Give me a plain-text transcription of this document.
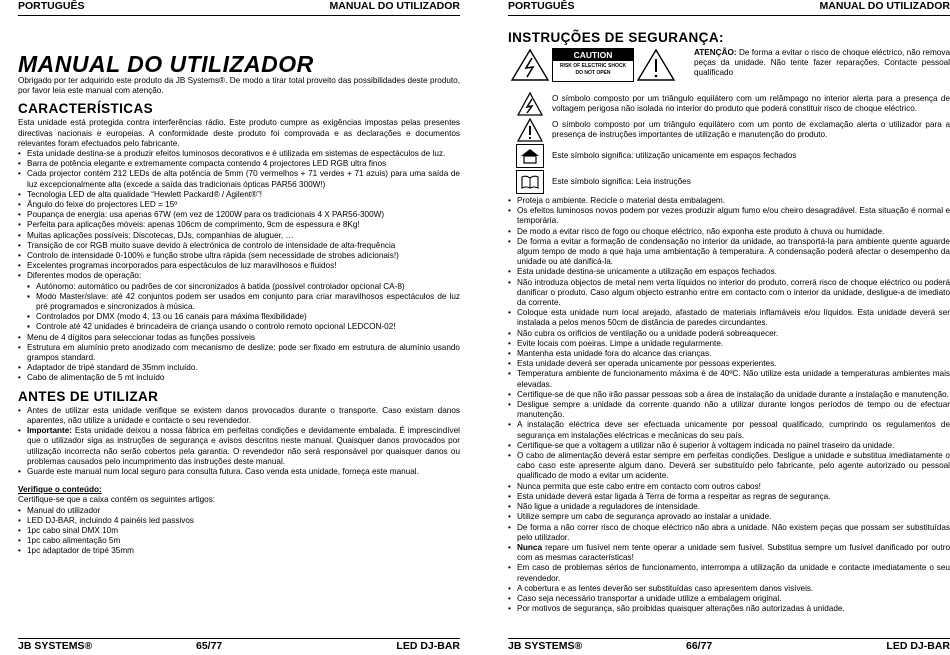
PORTUGUÊS	MANUAL DO UTILIZADOR
MANUAL DO UTILIZADOR

Obrigado por ter adquirido este produto da JB Systems®. De modo a tirar total proveito das possibilidades deste produto, por favor leia este manual com atenção.

CARACTERÍSTICAS

Esta unidade está protegida contra interferências rádio. Este produto cumpre as exigências impostas pelas presentes directivas nacionais e europeias. A conformidade deste produto foi comprovada e as declarações e documentos relevantes foram efectuados pelo fabricante.

• Esta unidade destina-se a produzir efeitos luminosos decorativos e é utilizada em sistemas de espectáculos de luz.
• Barra de potência elegante e extremamente compacta contendo 4 projectores LED RGB ultra finos
• Cada projector contém 212 LEDs de alta potência de 5mm (70 vermelhos + 71 verdes + 71 azuis) para uma saída de luz excepcionalmente alta (excede a saída das tradicionais ópticas PAR56 300W!)
• Tecnologia LED de alta qualidade “Hewlett Packard® / Agilent®”!
• Ângulo do feixe do projectores LED = 15º
• Poupança de energia: usa apenas 67W (em vez de 1200W para os tradicionais 4 X PAR56-300W)
• Perfeita para aplicações móveis: apenas 106cm de comprimento, 9cm de espessura e 8Kg!
• Muitas aplicações possíveis: Discotecas, DJs, companhias de aluguer, …
• Transição de cor RGB muito suave devido à electrónica de controlo de intensidade de alta-frequência
• Controlo de intensidade 0-100% e função strobe ultra rápida (sem necessidade de strobes adicionais!)
• Excelentes programas incorporados para espectáculos de luz maravilhosos e fluidos!
• Diferentes modos de operação:
▪ Autónomo: automático ou padrões de cor sincronizados à batida (possível controlador opcional CA-8)
▪ Modo Master/slave: até 42 conjuntos podem ser usados em conjunto para criar maravilhosos espectáculos de luz pré programados e sincronizados à música.
▪ Controlados por DMX (modo 4, 13 ou 16 canais para máxima flexibilidade)
▪ Controle até 42 unidades é brincadeira de criança usando o controlo remoto opcional LEDCON-02!
• Menu de 4 dígitos para seleccionar todas as funções possíveis
• Estrutura em alumínio preto anodizado com mecanismo de deslize: pode ser fixado em estrutura de alumínio usando grampos standard.
• Adaptador de tripé standard de 35mm incluído.
• Cabo de alimentação de 5 mt incluído
ANTES DE UTILIZAR
• Antes de utilizar esta unidade verifique se existem danos provocados durante o transporte. Caso existam danos aparentes, não utilize a unidade e contacte o seu revendedor.
• Importante: Esta unidade deixou a nossa fábrica em perfeitas condições e devidamente embalada. É imprescindível que o utilizador siga as instruções de segurança e avisos descritos neste manual. Quaisquer danos provocados por utilização incorrecta não serão cobertos pela garantia. O revendedor não será responsável por quaisquer danos ou problemas causados pelo incumprimento das instruções deste manual.
• Guarde este manual num local seguro para consulta futura. Caso venda esta unidade, forneça este manual.

Verifique o conteúdo:

Certifique-se que a caixa contém os seguintes artigos:

• Manual do utilizador
• LED DJ-BAR, incluindo 4 painéis led passivos
• 1pc cabo sinal DMX 10m
• 1pc cabo alimentação 5m
• 1pc adaptador de tripé 35mm
JB SYSTEMS®	65/77	LED DJ-BAR
PORTUGUÊS	MANUAL DO UTILIZADOR
INSTRUÇÕES DE SEGURANÇA:
CAUTION
RISK OF ELECTRIC SHOCK
DO NOT OPEN
ATENÇÃO: De forma a evitar o risco de choque eléctrico, não remova peças da unidade. Não tente fazer reparações. Contacte pessoal qualificado
O símbolo composto por um triângulo equilátero com um relâmpago no interior alerta para a presença de voltagem perigosa não isolada no interior do produto que poderá constituir risco de choque eléctrico.
O símbolo composto por um triângulo equilátero com um ponto de exclamação alerta o utilizador para a presença de instruções importantes de utilização e manutenção do produto.
Este símbolo significa: utilização unicamente em espaços fechados
Este símbolo significa: Leia instruções
• Proteja o ambiente. Recicle o material desta embalagem.
• Os efeitos luminosos novos podem por vezes produzir algum fumo e/ou cheiro desagradável. Esta situação é normal e temporária.
• De modo a evitar risco de fogo ou choque eléctrico, não exponha este produto à chuva ou humidade.
• De forma a evitar a formação de condensação no interior da unidade, ao transportá-la para ambiente quente aguarde algum tempo de modo a que haja uma ambientação à temperatura. A condensação poderá afectar o desempenho da unidade ou até danificá-la.
• Esta unidade destina-se unicamente a utilização em espaços fechados.
• Não introduza objectos de metal nem verta líquidos no interior do produto, correrá risco de choque eléctrico ou poderá danificar o produto. Caso algum objecto estranho entre em contacto com o interior da unidade, desligue-a de imediato da corrente.
• Coloque esta unidade num local arejado, afastado de materiais inflamáveis e/ou líquidos. Esta unidade deverá ser instalada a pelos menos 50cm de distância de paredes circundantes.
• Não cubra os orifícios de ventilação ou a unidade poderá sobreaquecer.
• Evite locais com poeiras. Limpe a unidade regularmente.
• Mantenha esta unidade fora do alcance das crianças.
• Esta unidade deverá ser operada unicamente por pessoas experientes.
• Temperatura ambiente de funcionamento máxima é de 40ºC. Não utilize esta unidade a temperaturas ambientes mais elevadas.
• Certifique-se de que não irão passar pessoas sob a área de instalação da unidade durante a instalação e manutenção.
• Desligue sempre a unidade da corrente quando não a utilizar durante longos períodos de tempo ou de efectuar manutenção.
• A instalação eléctrica deve ser efectuada unicamente por pessoal qualificado, cumprindo os regulamentos de segurança em instalações eléctricas e mecânicas do seu país.
• Certifique-se que a voltagem a utilizar não é superior à voltagem indicada no painel traseiro da unidade.
• O cabo de alimentação deverá estar sempre em perfeitas condições. Desligue a unidade e substitua imediatamente o cabo caso este apresente algum dano. Deverá ser substituído pelo fabricante, pelo agente autorizado ou pessoal qualificado de modo a evitar um acidente.
• Nunca permita que este cabo entre em contacto com outros cabos!
• Esta unidade deverá estar ligada à Terra de forma a respeitar as regras de segurança.
• Não ligue a unidade a reguladores de intensidade.
• Utilize sempre um cabo de segurança aprovado ao instalar a unidade.
• De forma a não correr risco de choque eléctrico não abra a unidade. Não existem peças que possam ser substituídas pelo utilizador.
• Nunca repare um fusível nem tente operar a unidade sem fusível. Substitua sempre um fusível danificado por outro com as mesmas características!
• Em caso de problemas sérios de funcionamento, interrompa a utilização da unidade e contacte imediatamente o seu revendedor.
• A cobertura e as lentes deverão ser substituídas caso apresentem danos visíveis.
• Caso seja necessário transportar a unidade utilize a embalagem original.
• Por motivos de segurança, são proibidas quaisquer alterações não autorizadas à unidade.
JB SYSTEMS®	66/77	LED DJ-BAR
